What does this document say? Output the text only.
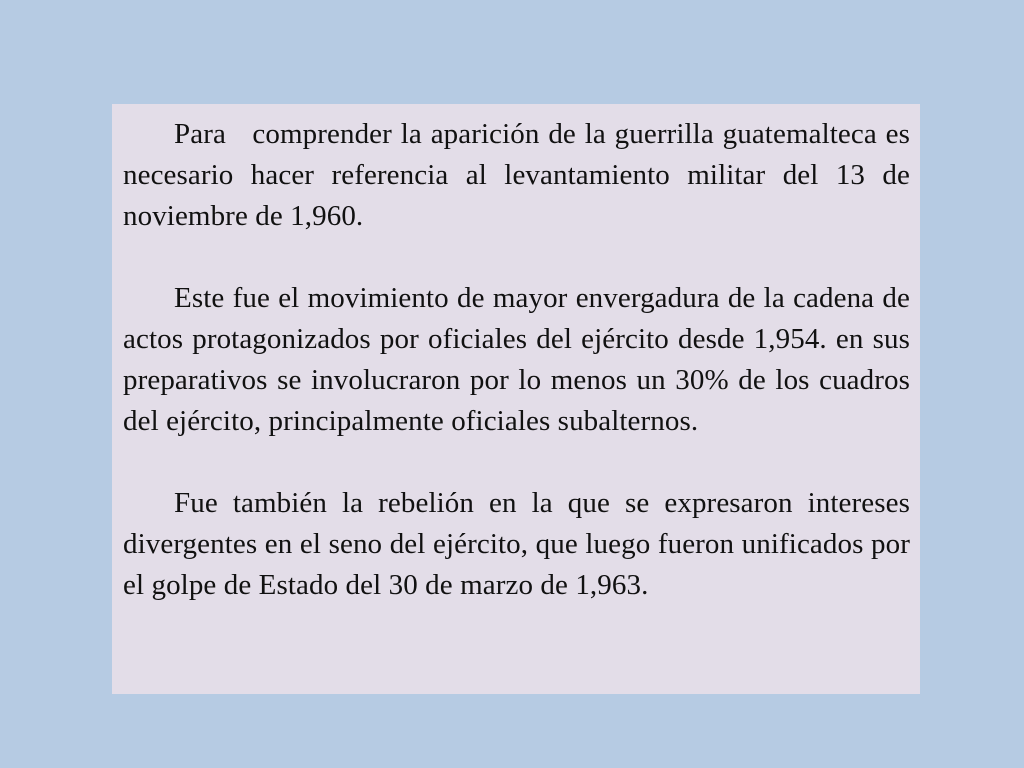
Para   comprender la aparición de la guerrilla guatemalteca es necesario hacer referencia al levantamiento militar del 13 de noviembre de 1,960.

Este fue el movimiento de mayor envergadura de la cadena de actos protagonizados por oficiales del ejército desde 1,954. en sus preparativos se involucraron por lo menos un 30% de los cuadros del ejército, principalmente oficiales subalternos.

Fue también la rebelión en la que se expresaron intereses divergentes en el seno del ejército, que luego fueron unificados por el golpe de Estado del 30 de marzo de 1,963.
